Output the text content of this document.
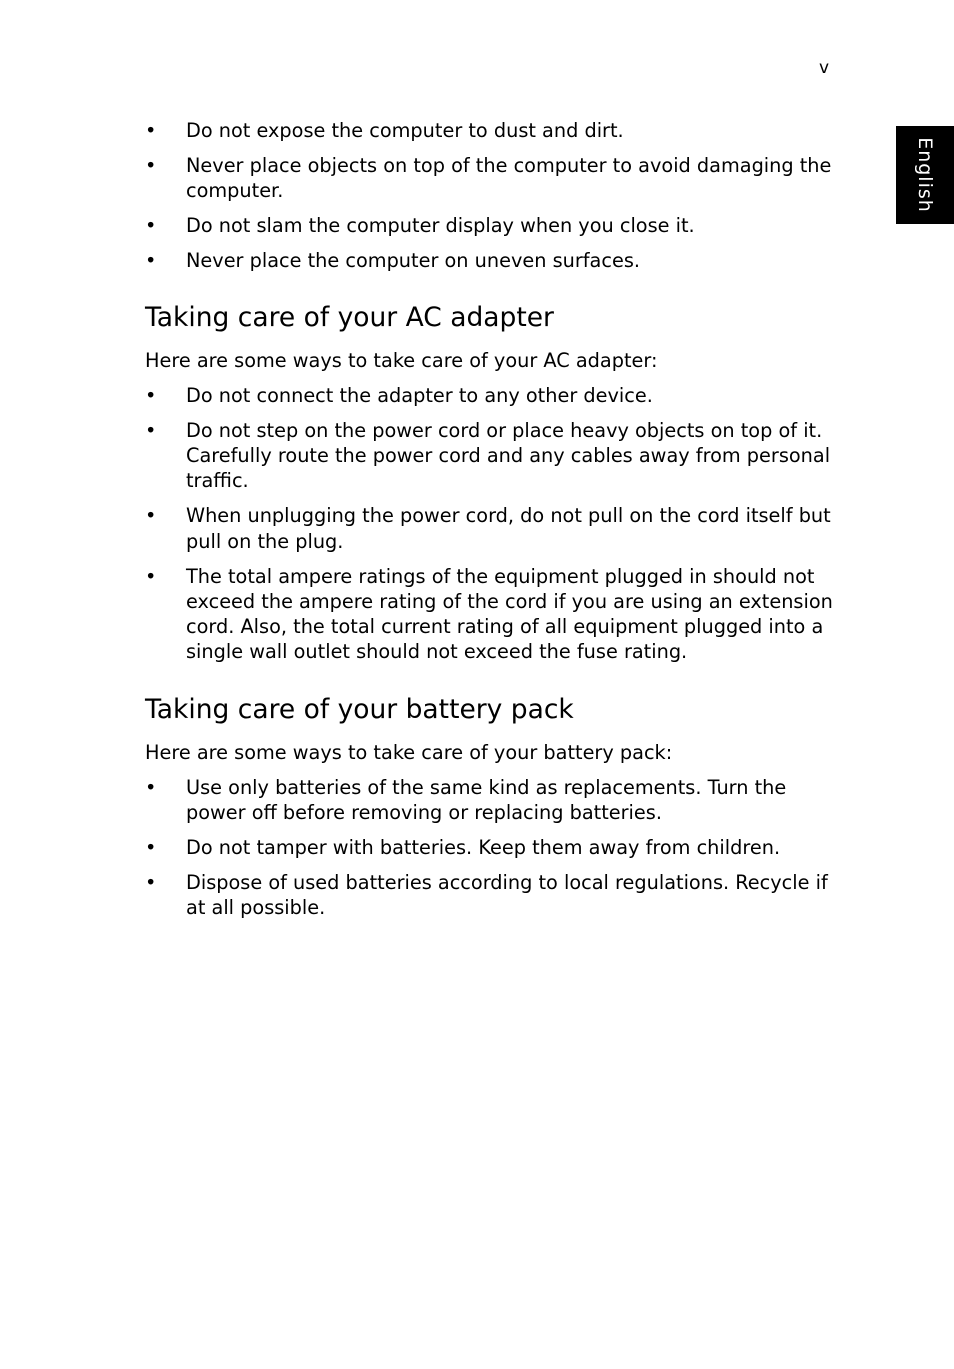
v
English
• Do not expose the computer to dust and dirt.
• Never place objects on top of the computer to avoid damaging the computer.
• Do not slam the computer display when you close it.
• Never place the computer on uneven surfaces.
Taking care of your AC adapter

Here are some ways to take care of your AC adapter:

• Do not connect the adapter to any other device.
• Do not step on the power cord or place heavy objects on top of it. Carefully route the power cord and any cables away from personal traffic.
• When unplugging the power cord, do not pull on the cord itself but pull on the plug.
• The total ampere ratings of the equipment plugged in should not exceed the ampere rating of the cord if you are using an extension cord. Also, the total current rating of all equipment plugged into a single wall outlet should not exceed the fuse rating.
Taking care of your battery pack

Here are some ways to take care of your battery pack:

• Use only batteries of the same kind as replacements. Turn the power off before removing or replacing batteries.
• Do not tamper with batteries. Keep them away from children.
• Dispose of used batteries according to local regulations. Recycle if at all possible.
